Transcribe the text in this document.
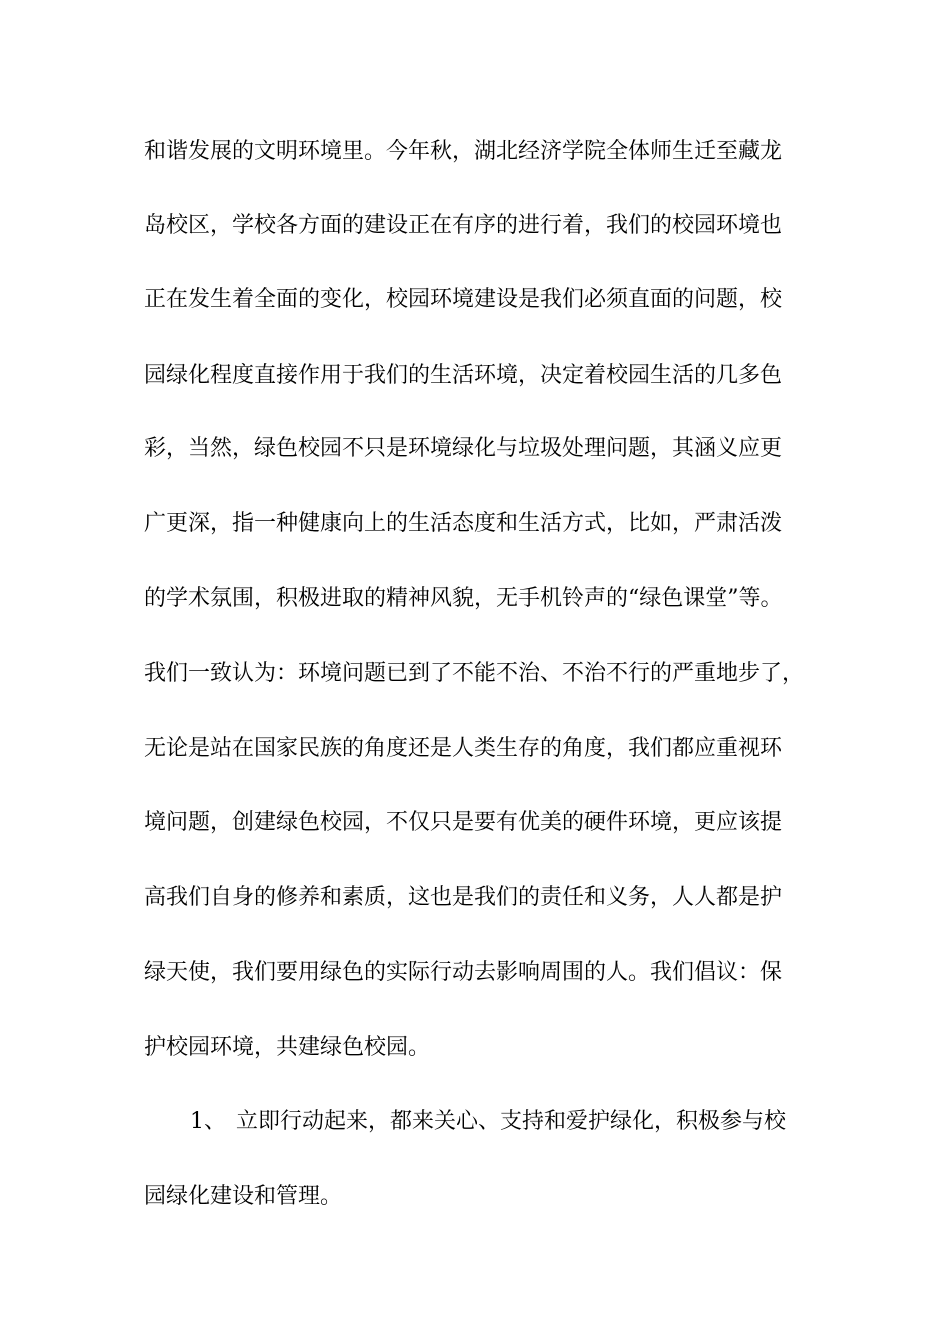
和谐发展的文明环境里。今年秋，湖北经济学院全体师生迁至藏龙
岛校区，学校各方面的建设正在有序的进行着，我们的校园环境也
正在发生着全面的变化，校园环境建设是我们必须直面的问题，校
园绿化程度直接作用于我们的生活环境，决定着校园生活的几多色
彩，当然，绿色校园不只是环境绿化与垃圾处理问题，其涵义应更
广更深，指一种健康向上的生活态度和生活方式，比如，严肃活泼
的学术氛围，积极进取的精神风貌，无手机铃声的“绿色课堂”等。
我们一致认为：环境问题已到了不能不治、不治不行的严重地步了，
无论是站在国家民族的角度还是人类生存的角度，我们都应重视环
境问题，创建绿色校园，不仅只是要有优美的硬件环境，更应该提
高我们自身的修养和素质，这也是我们的责任和义务，人人都是护
绿天使，我们要用绿色的实际行动去影响周围的人。我们倡议：保
护校园环境，共建绿色校园。
1、 立即行动起来，都来关心、支持和爱护绿化，积极参与校
园绿化建设和管理。
